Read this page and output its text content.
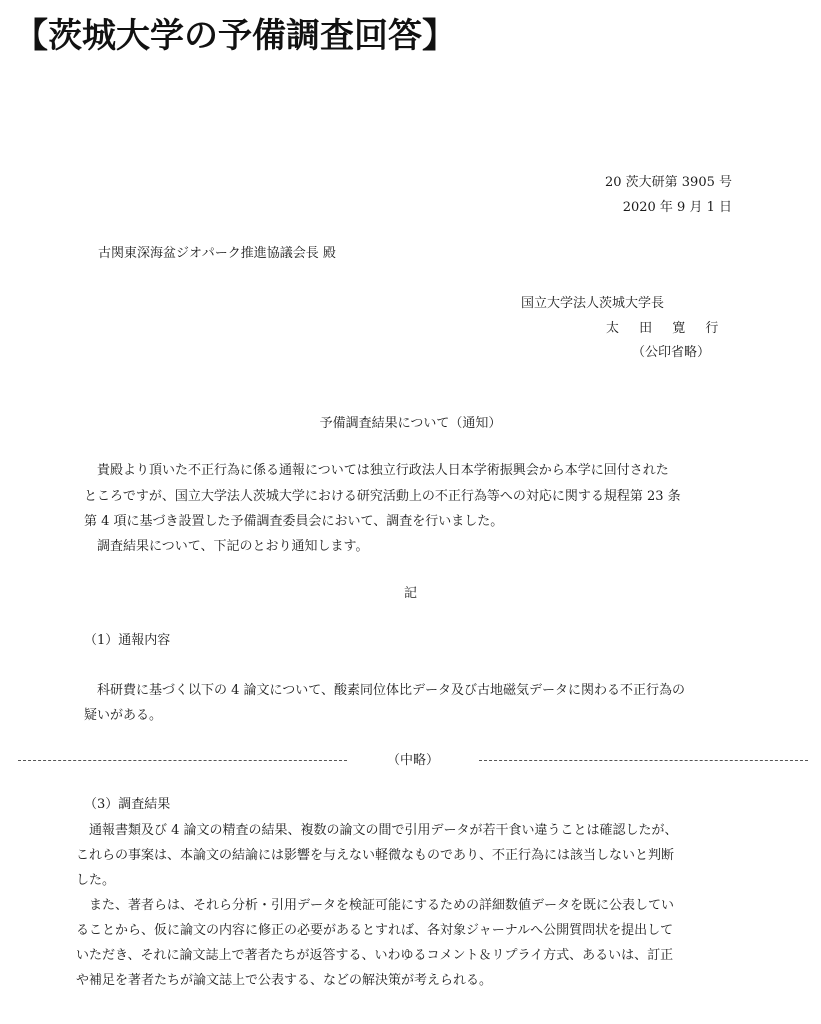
【茨城大学の予備調査回答】

20 茨大研第 3905 号

2020 年 9 月 1 日

古関東深海盆ジオパーク推進協議会長 殿

国立大学法人茨城大学長

太 田 寛 行

（公印省略）

予備調査結果について（通知）

　貴殿より頂いた不正行為に係る通報については独立行政法人日本学術振興会から本学に回付された

ところですが、国立大学法人茨城大学における研究活動上の不正行為等への対応に関する規程第 23 条

第 4 項に基づき設置した予備調査委員会において、調査を行いました。

　調査結果について、下記のとおり通知します。

記

（1）通報内容

　科研費に基づく以下の 4 論文について、酸素同位体比データ及び古地磁気データに関わる不正行為の

疑いがある。

（中略）

（3）調査結果

　通報書類及び 4 論文の精査の結果、複数の論文の間で引用データが若干食い違うことは確認したが、

これらの事案は、本論文の結論には影響を与えない軽微なものであり、不正行為には該当しないと判断

した。

　また、著者らは、それら分析・引用データを検証可能にするための詳細数値データを既に公表してい

ることから、仮に論文の内容に修正の必要があるとすれば、各対象ジャーナルへ公開質問状を提出して

いただき、それに論文誌上で著者たちが返答する、いわゆるコメント＆リプライ方式、あるいは、訂正

や補足を著者たちが論文誌上で公表する、などの解決策が考えられる。
